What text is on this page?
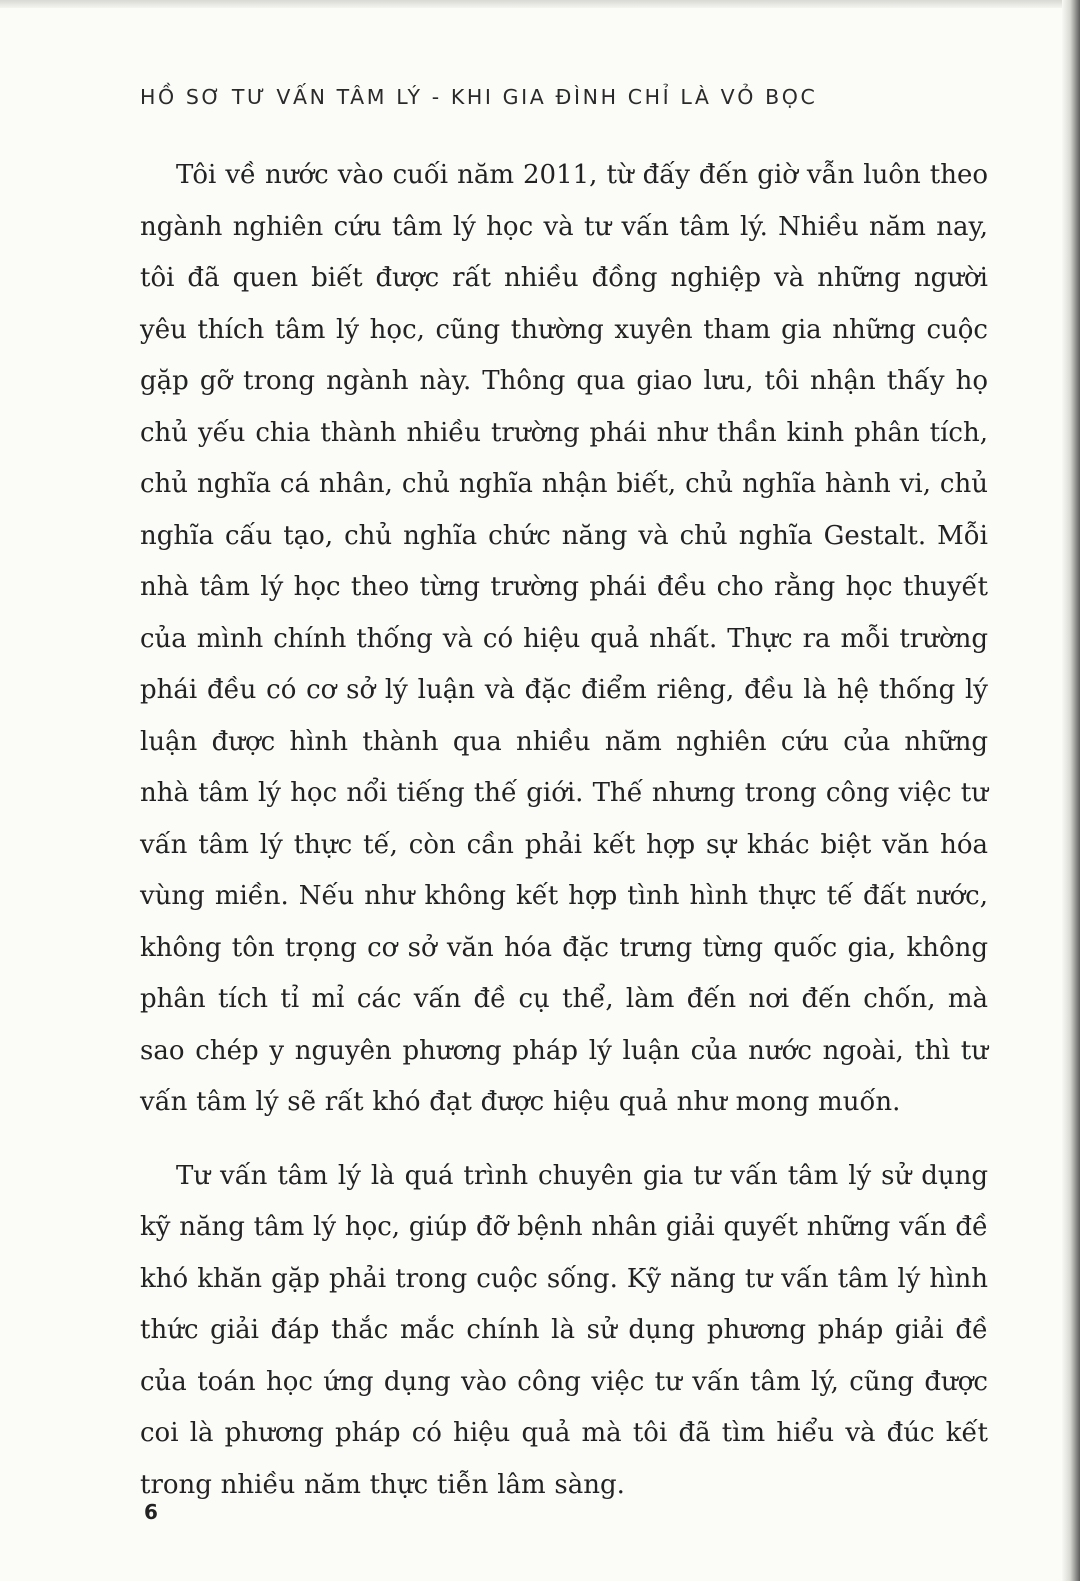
HỒ SƠ TƯ VẤN TÂM LÝ - KHI GIA ĐÌNH CHỈ LÀ VỎ BỌC

Tôi về nước vào cuối năm 2011, từ đấy đến giờ vẫn luôn theo ngành nghiên cứu tâm lý học và tư vấn tâm lý. Nhiều năm nay, tôi đã quen biết được rất nhiều đồng nghiệp và những người yêu thích tâm lý học, cũng thường xuyên tham gia những cuộc gặp gỡ trong ngành này. Thông qua giao lưu, tôi nhận thấy họ chủ yếu chia thành nhiều trường phái như thần kinh phân tích, chủ nghĩa cá nhân, chủ nghĩa nhận biết, chủ nghĩa hành vi, chủ nghĩa cấu tạo, chủ nghĩa chức năng và chủ nghĩa Gestalt. Mỗi nhà tâm lý học theo từng trường phái đều cho rằng học thuyết của mình chính thống và có hiệu quả nhất. Thực ra mỗi trường phái đều có cơ sở lý luận và đặc điểm riêng, đều là hệ thống lý luận được hình thành qua nhiều năm nghiên cứu của những nhà tâm lý học nổi tiếng thế giới. Thế nhưng trong công việc tư vấn tâm lý thực tế, còn cần phải kết hợp sự khác biệt văn hóa vùng miền. Nếu như không kết hợp tình hình thực tế đất nước, không tôn trọng cơ sở văn hóa đặc trưng từng quốc gia, không phân tích tỉ mỉ các vấn đề cụ thể, làm đến nơi đến chốn, mà sao chép y nguyên phương pháp lý luận của nước ngoài, thì tư vấn tâm lý sẽ rất khó đạt được hiệu quả như mong muốn.

Tư vấn tâm lý là quá trình chuyên gia tư vấn tâm lý sử dụng kỹ năng tâm lý học, giúp đỡ bệnh nhân giải quyết những vấn đề khó khăn gặp phải trong cuộc sống. Kỹ năng tư vấn tâm lý hình thức giải đáp thắc mắc chính là sử dụng phương pháp giải đề của toán học ứng dụng vào công việc tư vấn tâm lý, cũng được coi là phương pháp có hiệu quả mà tôi đã tìm hiểu và đúc kết trong nhiều năm thực tiễn lâm sàng.

6
